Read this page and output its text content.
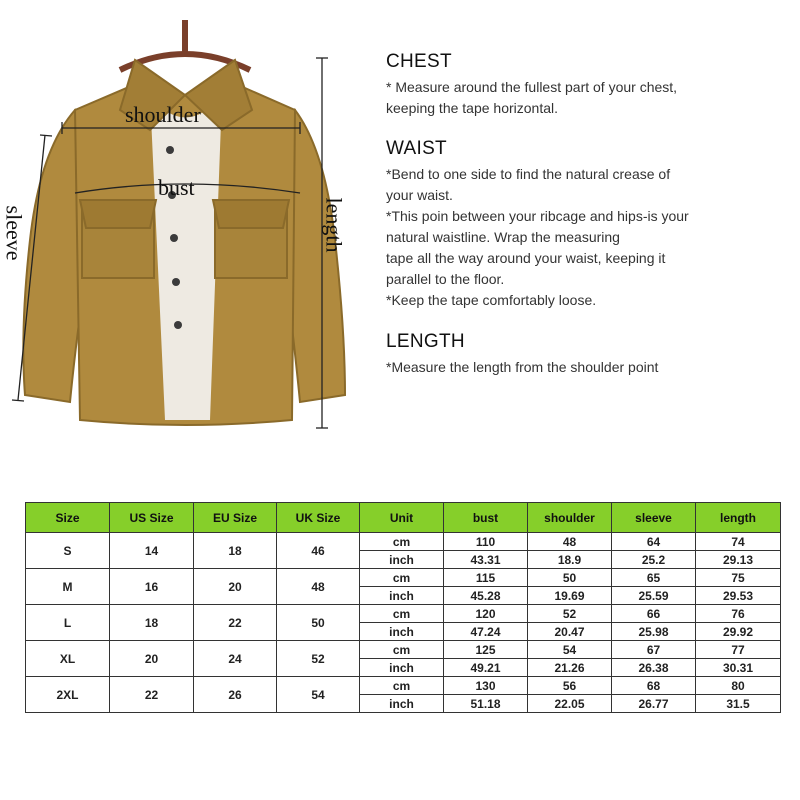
shoulder
bust
sleeve	length
CHEST

* Measure around the fullest part of your chest,
keeping the tape horizontal.

WAIST

*Bend to one side to find the natural crease of
your waist.
*This poin between your ribcage and hips-is your
natural waistline. Wrap the measuring
tape all the way around your waist, keeping it
parallel to the floor.
*Keep the tape comfortably loose.

LENGTH

*Measure the length from the shoulder point

Size	US Size	EU Size	UK Size	Unit	bust	shoulder	sleeve	length
S	14	18	46	cm	110	48	64	74
				inch	43.31	18.9	25.2	29.13
M	16	20	48	cm	115	50	65	75
				inch	45.28	19.69	25.59	29.53
L	18	22	50	cm	120	52	66	76
				inch	47.24	20.47	25.98	29.92
XL	20	24	52	cm	125	54	67	77
				inch	49.21	21.26	26.38	30.31
2XL	22	26	54	cm	130	56	68	80
				inch	51.18	22.05	26.77	31.5
